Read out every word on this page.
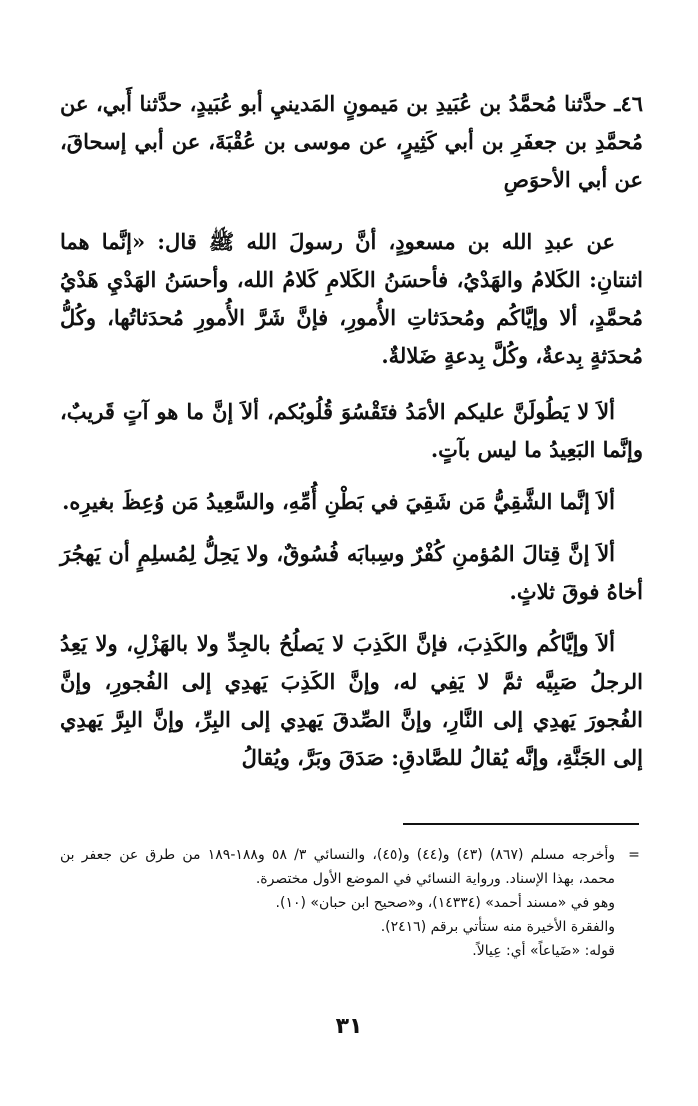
٤٦ـ حدَّثنا مُحمَّدُ بن عُبَيدِ بن مَيمونٍ المَدينيِ أبو عُبَيدٍ، حدَّثنا أَبي، عن مُحمَّدِ بن جعفَرِ بن أبي كَثِيرٍ، عن موسى بن عُقْبَةَ، عن أبي إسحاقَ، عن أبي الأحوَصِ

عن عبدِ الله بن مسعودٍ، أنَّ رسولَ الله ﷺ قال: «إنَّما هما اثنتانِ: الكَلامُ والهَدْيُ، فأحسَنُ الكَلامِ كَلامُ الله، وأحسَنُ الهَدْيِ هَدْيُ مُحمَّدٍ، ألا وإيَّاكُم ومُحدَثاتِ الأُمورِ، فإنَّ شَرَّ الأُمورِ مُحدَثاتُها، وكُلُّ مُحدَثةٍ بِدعةٌ، وكُلَّ بِدعةٍ ضَلالةٌ.

ألاَ لا يَطُولَنَّ عليكم الأمَدُ فتَقْسُوَ قُلُوبُكم، ألاَ إنَّ ما هو آتٍ قَريبٌ، وإنَّما البَعِيدُ ما ليس بآتٍ.

ألاَ إنَّما الشَّقِيُّ مَن شَقِيَ في بَطْنِ أُمِّهِ، والسَّعِيدُ مَن وُعِظَ بغيرِه.

ألاَ إنَّ قِتالَ المُؤمنِ كُفْرٌ وسِبابَه فُسُوقٌ، ولا يَحِلُّ لِمُسلِمٍ أن يَهجُرَ أخاهُ فوقَ ثلاثٍ.

ألاَ وإيَّاكُم والكَذِبَ، فإنَّ الكَذِبَ لا يَصلُحُ بالجِدِّ ولا بالهَزْلِ، ولا يَعِدُ الرجلُ صَبِيَّه ثمَّ لا يَفِي له، وإنَّ الكَذِبَ يَهدِي إلى الفُجورِ، وإنَّ الفُجورَ يَهدِي إلى النَّارِ، وإنَّ الصِّدقَ يَهدِي إلى البِرِّ، وإنَّ البِرَّ يَهدِي إلى الجَنَّةِ، وإنَّه يُقالُ للصَّادقِ: صَدَقَ وبَرَّ، ويُقالُ

=
وأخرجه مسلم (٨٦٧) (٤٣) و(٤٤) و(٤٥)، والنسائي ٣/ ٥٨ و١٨٨-١٨٩ من طرق عن جعفر بن محمد، بهذا الإسناد. ورواية النسائي في الموضع الأول مختصرة.
وهو في «مسند أحمد» (١٤٣٣٤)، و«صحيح ابن حبان» (١٠).
والفقرة الأخيرة منه ستأتي برقم (٢٤١٦).
قوله: «ضَياعاً» أي: عِيالاً.
٣١
